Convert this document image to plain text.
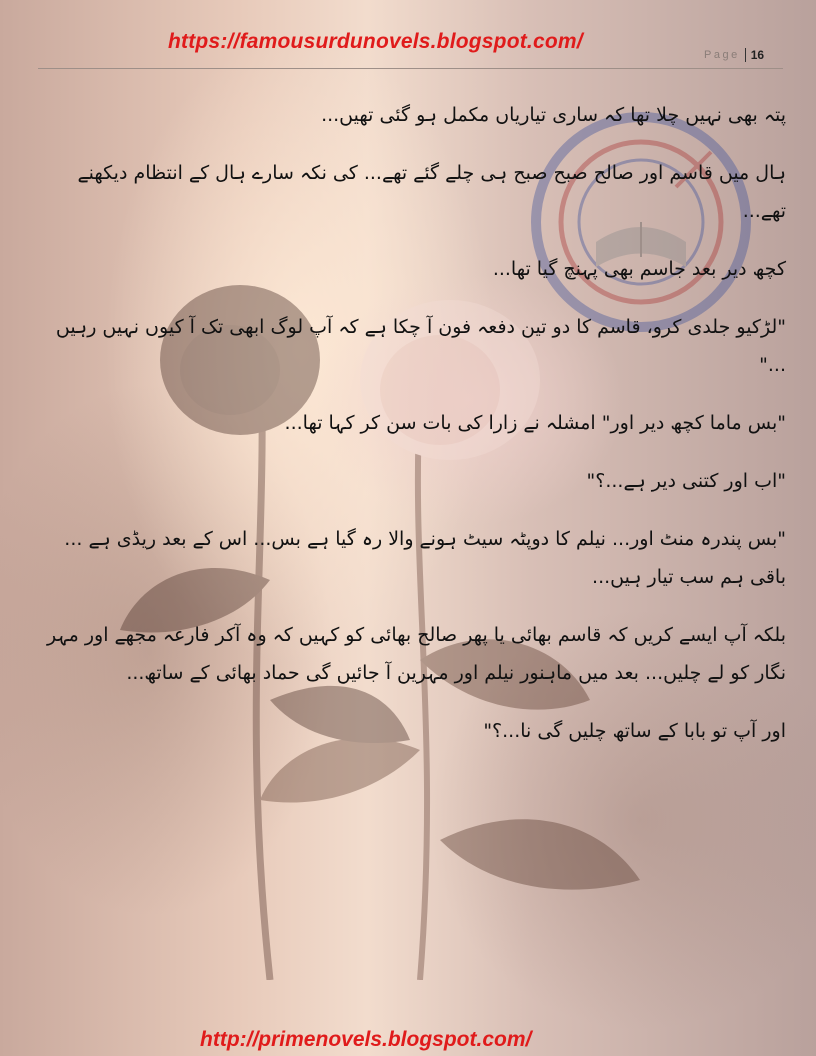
https://famousurdunovels.blogspot.com/
Page 16

پتہ بھی نہیں چلا تھا کہ ساری تیاریاں مکمل ہو گئی تھیں...

ہال میں قاسم اور صالح صبح صبح ہی چلے گئے تھے... کی نکہ سارے ہال کے انتظام دیکھنے تھے...

کچھ دیر بعد جاسم بھی پہنچ گیا تھا...

"لڑکیو جلدی کرو، قاسم کا دو تین دفعہ فون آ چکا ہے کہ آپ لوگ ابھی تک آ کیوں نہیں رہیں ..."

"بس ماما کچھ دیر اور" امشلہ نے زارا کی بات سن کر کہا تھا...

"اب اور کتنی دیر ہے...؟"

"بس پندرہ منٹ اور... نیلم کا دوپٹہ سیٹ ہونے والا رہ گیا ہے بس... اس کے بعد ریڈی ہے ... باقی ہم سب تیار ہیں...

بلکہ آپ ایسے کریں کہ قاسم بھائی یا پھر صالح بھائی کو کہیں کہ وہ آکر فارعہ مجھے اور مہر نگار کو لے چلیں... بعد میں ماہنور نیلم اور مہرین آ جائیں گی حماد بھائی کے ساتھ...

اور آپ تو بابا کے ساتھ چلیں گی نا...؟"

http://primenovels.blogspot.com/
